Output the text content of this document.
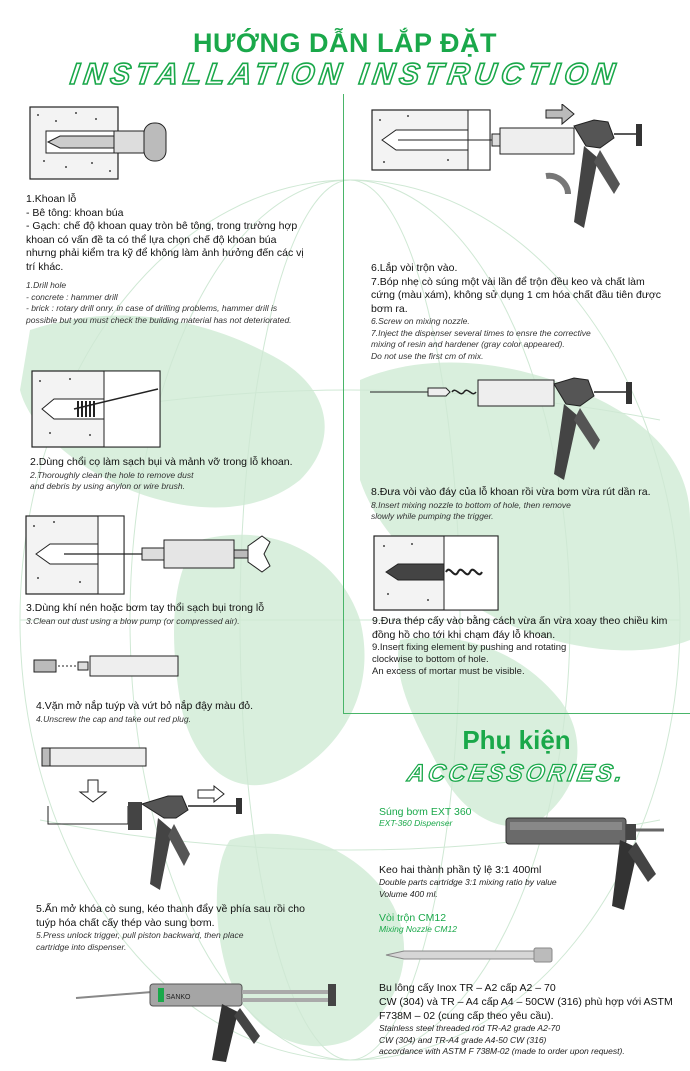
HƯỚNG DẪN LẮP ĐẶT
INSTALLATION INSTRUCTION
1.Khoan lỗ
- Bê tông: khoan búa
- Gạch: chế độ khoan quay tròn bê tông, trong trường hợp khoan có vấn đề ta có thể lựa chọn chế độ khoan búa nhưng phải kiểm tra kỹ để không làm ảnh hưởng đến các vị trí khác.
1.Drill hole
- concrete : hammer drill
- brick : rotary drill onry. in case of drilling problems, hammer drill is possible but you must check the building material has not deteriorated.
2.Dùng chổi cọ làm sạch bụi và mảnh vỡ trong lỗ khoan.
2.Thoroughly clean the hole to remove dust
and debris by using anylon or wire brush.
3.Dùng khí nén hoặc bơm tay thổi sạch bụi trong lỗ
3.Clean out dust using a blow pump (or compressed air).
4.Vặn mở nắp tuýp và vứt bỏ nắp đậy màu đỏ.
4.Unscrew the cap and take out red plug.
5.Ấn mở khóa cò sung, kéo thanh đẩy về phía sau rồi cho tuýp hóa chất cấy thép vào sung bơm.
5.Press unlock trigger, pull piston backward, then place
cartridge into dispenser.
SANKO
6.Lắp vòi trộn vào.
7.Bóp nhẹ cò súng một vài lần để trộn đều keo và chất làm cứng (màu xám), không sử dụng 1 cm hóa chất đầu tiên được bơm ra.
6.Screw on mixing nozzle.
7.Inject the dispenser several times to ensre the corrective
mixing of resin and hardener (gray color appeared).
Do not use the first cm of mix.
8.Đưa vòi vào đáy của lỗ khoan rồi vừa bơm vừa rút dần ra.
8.Insert mixing nozzle to bottom of hole, then remove
slowly while pumping the trigger.
9.Đưa thép cấy vào bằng cách vừa ấn vừa xoay theo chiều kim đồng hồ cho tới khi chạm đáy lỗ khoan.
9.Insert fixing element by pushing and rotating
clockwise to bottom of hole.
An excess of mortar must be visible.
Phụ kiện
ACCESSORIES.
Súng bơm EXT 360
EXT-360 Dispenser
Keo hai thành phần tỷ lệ 3:1 400ml
Double parts cartridge 3:1 mixing ratio by value
Volume 400 ml.
Vòi trộn CM12
Mixing Nozzle CM12
Bu lông cấy Inox TR – A2 cấp A2 – 70
CW (304) và TR – A4 cấp A4 – 50CW (316) phù hợp với ASTM F738M – 02 (cung cấp theo yêu cầu).
Stainless steel threaded rod TR-A2 grade A2-70
CW (304) and TR-A4 grade A4-50 CW (316)
accordance with ASTM F 738M-02 (made to order upon request).
